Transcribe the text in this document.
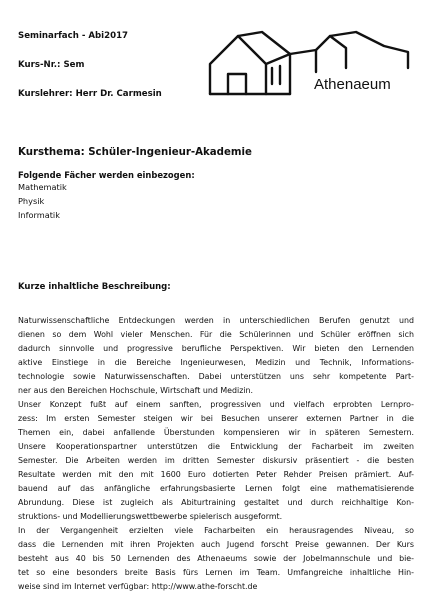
Seminarfach - Abi2017
Kurs-Nr.: Sem
Kurslehrer: Herr Dr. Carmesin
Athenaeum
Kursthema: Schüler-Ingenieur-Akademie
Folgende Fächer werden einbezogen:
Mathematik
Physik
Informatik
Kurze inhaltliche Beschreibung:
Naturwissenschaftliche Entdeckungen werden in unterschiedlichen Berufen genutzt und
dienen so dem Wohl vieler Menschen. Für die Schülerinnen und Schüler eröffnen sich
dadurch sinnvolle und progressive berufliche Perspektiven. Wir bieten den Lernenden
aktive Einstiege in die Bereiche Ingenieurwesen, Medizin und Technik, Informations-
technologie sowie Naturwissenschaften. Dabei unterstützen uns sehr kompetente Part-
ner aus den Bereichen Hochschule, Wirtschaft und Medizin.
Unser Konzept fußt auf einem sanften, progressiven und vielfach erprobten Lernpro-
zess: Im ersten Semester steigen wir bei Besuchen unserer externen Partner in die
Themen ein, dabei anfallende Überstunden kompensieren wir in späteren Semestern.
Unsere Kooperationspartner unterstützen die Entwicklung der Facharbeit im zweiten
Semester. Die Arbeiten werden im dritten Semester diskursiv präsentiert - die besten
Resultate werden mit den mit 1600 Euro dotierten Peter Rehder Preisen prämiert. Auf-
bauend auf das anfängliche erfahrungsbasierte Lernen folgt eine mathematisierende
Abrundung. Diese ist zugleich als Abiturtraining gestaltet und durch reichhaltige Kon-
struktions- und Modellierungswettbewerbe spielerisch ausgeformt.
In der Vergangenheit erzielten viele Facharbeiten ein herausragendes Niveau, so
dass die Lernenden mit ihren Projekten auch Jugend forscht Preise gewannen. Der Kurs
besteht aus 40 bis 50 Lernenden des Athenaeums sowie der Jobelmannschule und bie-
tet so eine besonders breite Basis fürs Lernen im Team. Umfangreiche inhaltliche Hin-
weise sind im Internet verfügbar: http://www.athe-forscht.de
